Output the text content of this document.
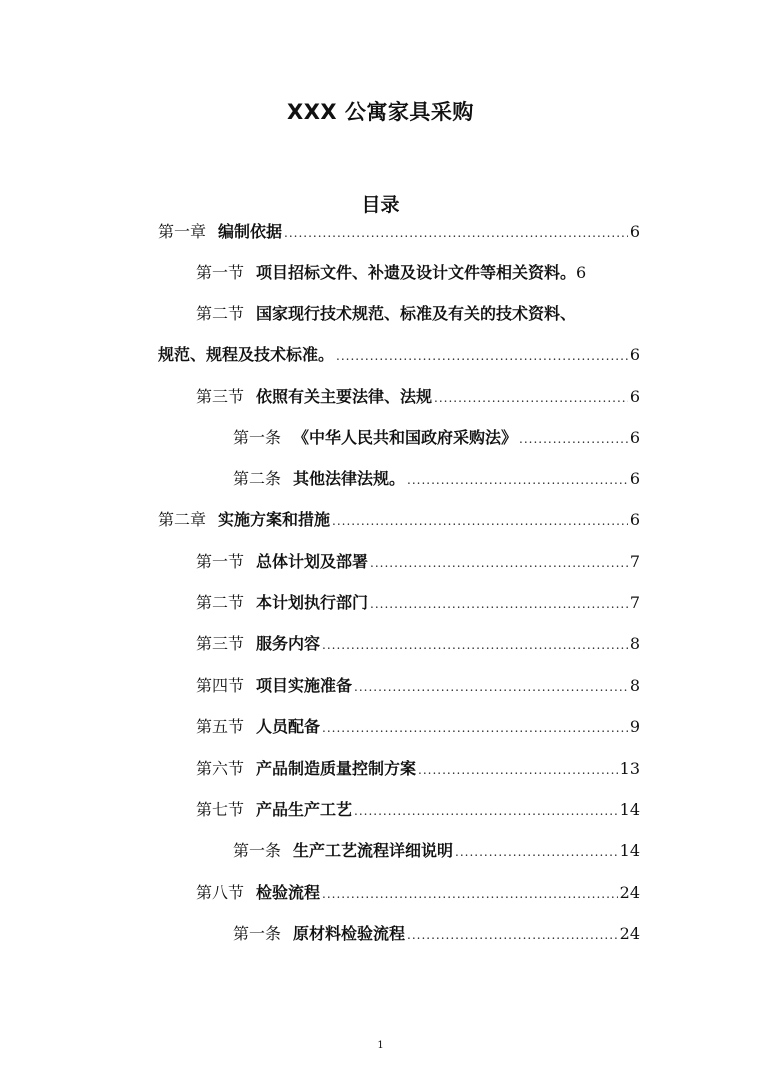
XXX 公寓家具采购
目录
第一章 编制依据 .....	6
第一节 项目招标文件、补遗及设计文件等相关资料。6
第二节 国家现行技术规范、标准及有关的技术资料、
规范、规程及技术标准。 .....	6
第三节 依照有关主要法律、法规 .....	6
第一条 《中华人民共和国政府采购法》 .....	6
第二条 其他法律法规。 .....	6
第二章 实施方案和措施 .....	6
第一节 总体计划及部署 .....	7
第二节 本计划执行部门 .....	7
第三节 服务内容 .....	8
第四节 项目实施准备 .....	8
第五节 人员配备 .....	9
第六节 产品制造质量控制方案 .....	13
第七节 产品生产工艺 .....	14
第一条 生产工艺流程详细说明 .....	14
第八节 检验流程 .....	24
第一条 原材料检验流程 .....	24
1
